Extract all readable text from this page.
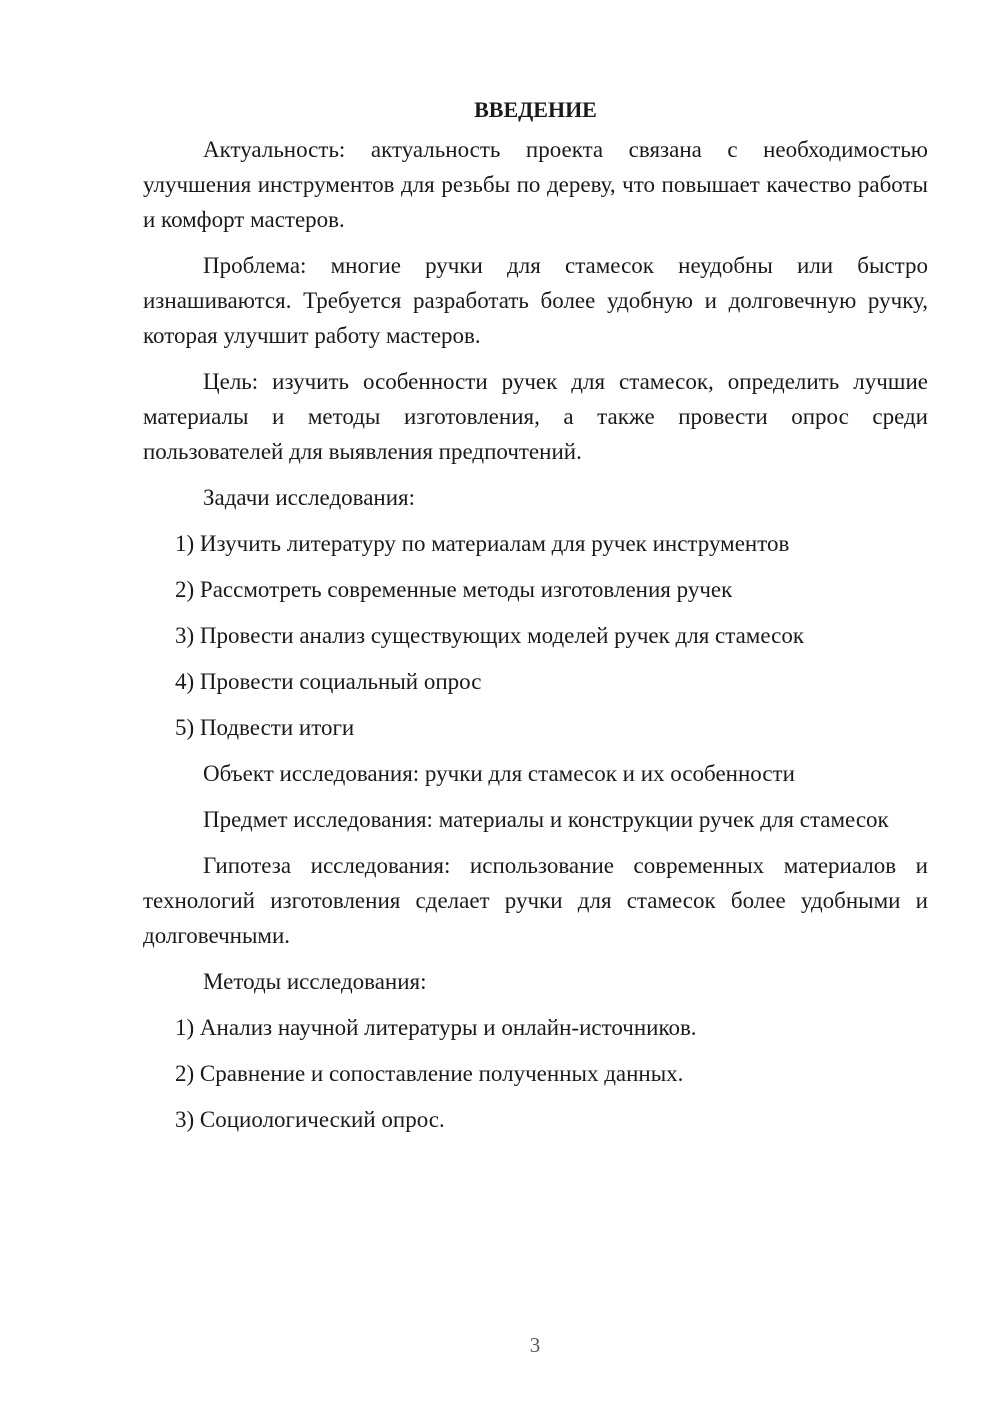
ВВЕДЕНИЕ

Актуальность: актуальность проекта связана с необходимостью улучшения инструментов для резьбы по дереву, что повышает качество работы и комфорт мастеров.

Проблема: многие ручки для стамесок неудобны или быстро изнашиваются. Требуется разработать более удобную и долговечную ручку, которая улучшит работу мастеров.

Цель: изучить особенности ручек для стамесок, определить лучшие материалы и методы изготовления, а также провести опрос среди пользователей для выявления предпочтений.

Задачи исследования:

1) Изучить литературу по материалам для ручек инструментов
2) Рассмотреть современные методы изготовления ручек
3) Провести анализ существующих моделей ручек для стамесок
4) Провести социальный опрос
5) Подвести итоги

Объект исследования: ручки для стамесок и их особенности

Предмет исследования: материалы и конструкции ручек для стамесок

Гипотеза исследования: использование современных материалов и технологий изготовления сделает ручки для стамесок более удобными и долговечными.

Методы исследования:

1) Анализ научной литературы и онлайн-источников.
2) Сравнение и сопоставление полученных данных.
3) Социологический опрос.
3
